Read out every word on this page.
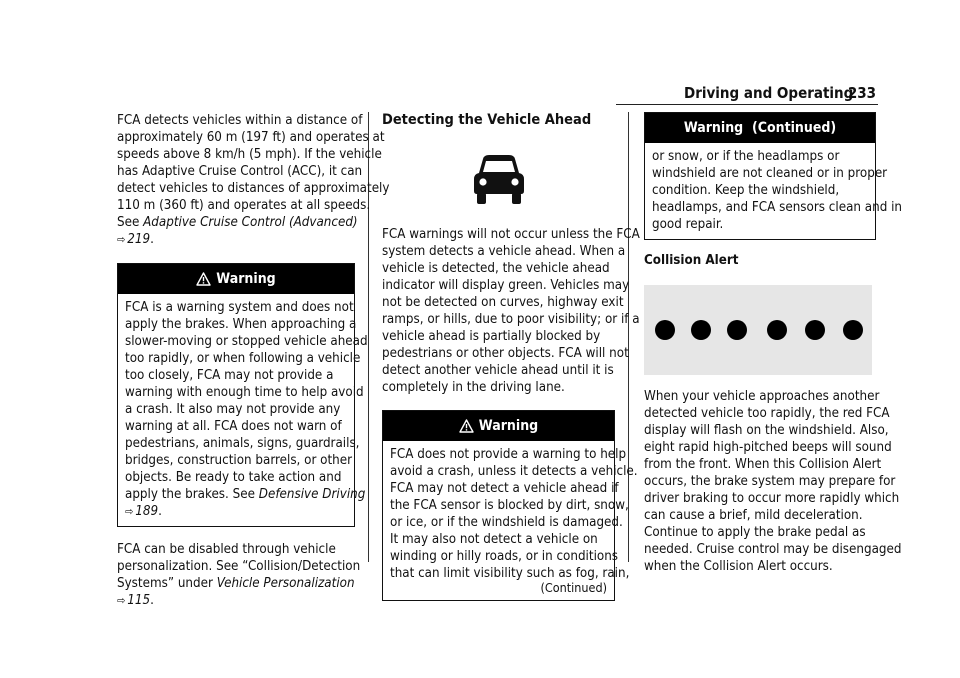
Driving and Operating
233

FCA detects vehicles within a distance of
approximately 60 m (197 ft) and operates at
speeds above 8 km/h (5 mph). If the vehicle
has Adaptive Cruise Control (ACC), it can
detect vehicles to distances of approximately
110 m (360 ft) and operates at all speeds.
See Adaptive Cruise Control (Advanced)
⇨ 219.

Warning
FCA is a warning system and does not
apply the brakes. When approaching a
slower-moving or stopped vehicle ahead
too rapidly, or when following a vehicle
too closely, FCA may not provide a
warning with enough time to help avoid
a crash. It also may not provide any
warning at all. FCA does not warn of
pedestrians, animals, signs, guardrails,
bridges, construction barrels, or other
objects. Be ready to take action and
apply the brakes. See Defensive Driving
⇨ 189.

FCA can be disabled through vehicle
personalization. See “Collision/Detection
Systems” under Vehicle Personalization
⇨ 115.

Detecting the Vehicle Ahead

FCA warnings will not occur unless the FCA
system detects a vehicle ahead. When a
vehicle is detected, the vehicle ahead
indicator will display green. Vehicles may
not be detected on curves, highway exit
ramps, or hills, due to poor visibility; or if a
vehicle ahead is partially blocked by
pedestrians or other objects. FCA will not
detect another vehicle ahead until it is
completely in the driving lane.

Warning
FCA does not provide a warning to help
avoid a crash, unless it detects a vehicle.
FCA may not detect a vehicle ahead if
the FCA sensor is blocked by dirt, snow,
or ice, or if the windshield is damaged.
It may also not detect a vehicle on
winding or hilly roads, or in conditions
that can limit visibility such as fog, rain,
(Continued)
Warning  (Continued)
or snow, or if the headlamps or
windshield are not cleaned or in proper
condition. Keep the windshield,
headlamps, and FCA sensors clean and in
good repair.
Collision Alert

When your vehicle approaches another
detected vehicle too rapidly, the red FCA
display will flash on the windshield. Also,
eight rapid high-pitched beeps will sound
from the front. When this Collision Alert
occurs, the brake system may prepare for
driver braking to occur more rapidly which
can cause a brief, mild deceleration.
Continue to apply the brake pedal as
needed. Cruise control may be disengaged
when the Collision Alert occurs.
